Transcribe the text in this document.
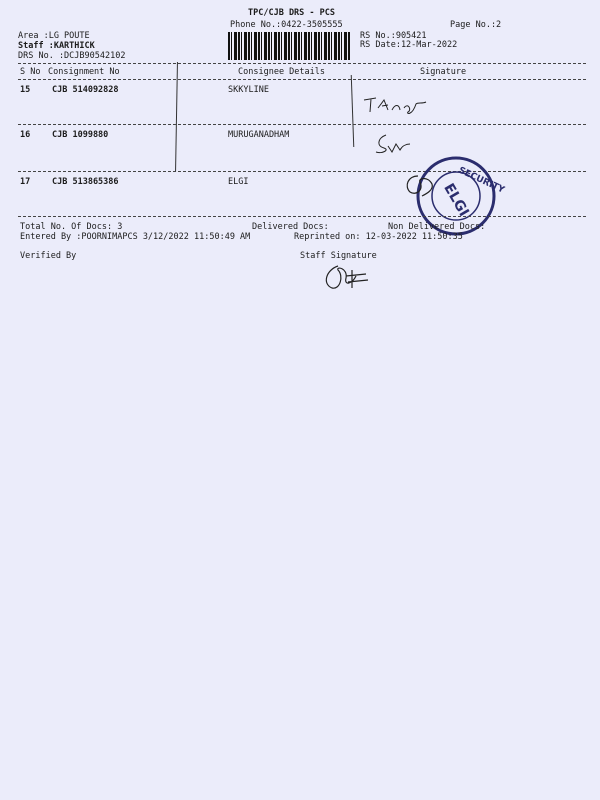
TPC/CJB DRS - PCS
Phone No.:0422-3505555	Page No.:2
Area :LG POUTE
Staff :KARTHICK
DRS No. :DCJB90542102
RS No.:905421
RS Date:12-Mar-2022
S No Consignment No	Consignee Details	Signature
15	CJB 514092828	SKKYLINE
16	CJB 1099880	MURUGANADHAM
17	CJB 513865386	ELGI	SECURITY
ELGI
Total No. Of Docs: 3	Delivered Docs:	Non Delivered Docs:
Entered By :POORNIMAPCS 3/12/2022 11:50:49 AM	Reprinted on: 12-03-2022 11:50:35
Verified By	Staff Signature
